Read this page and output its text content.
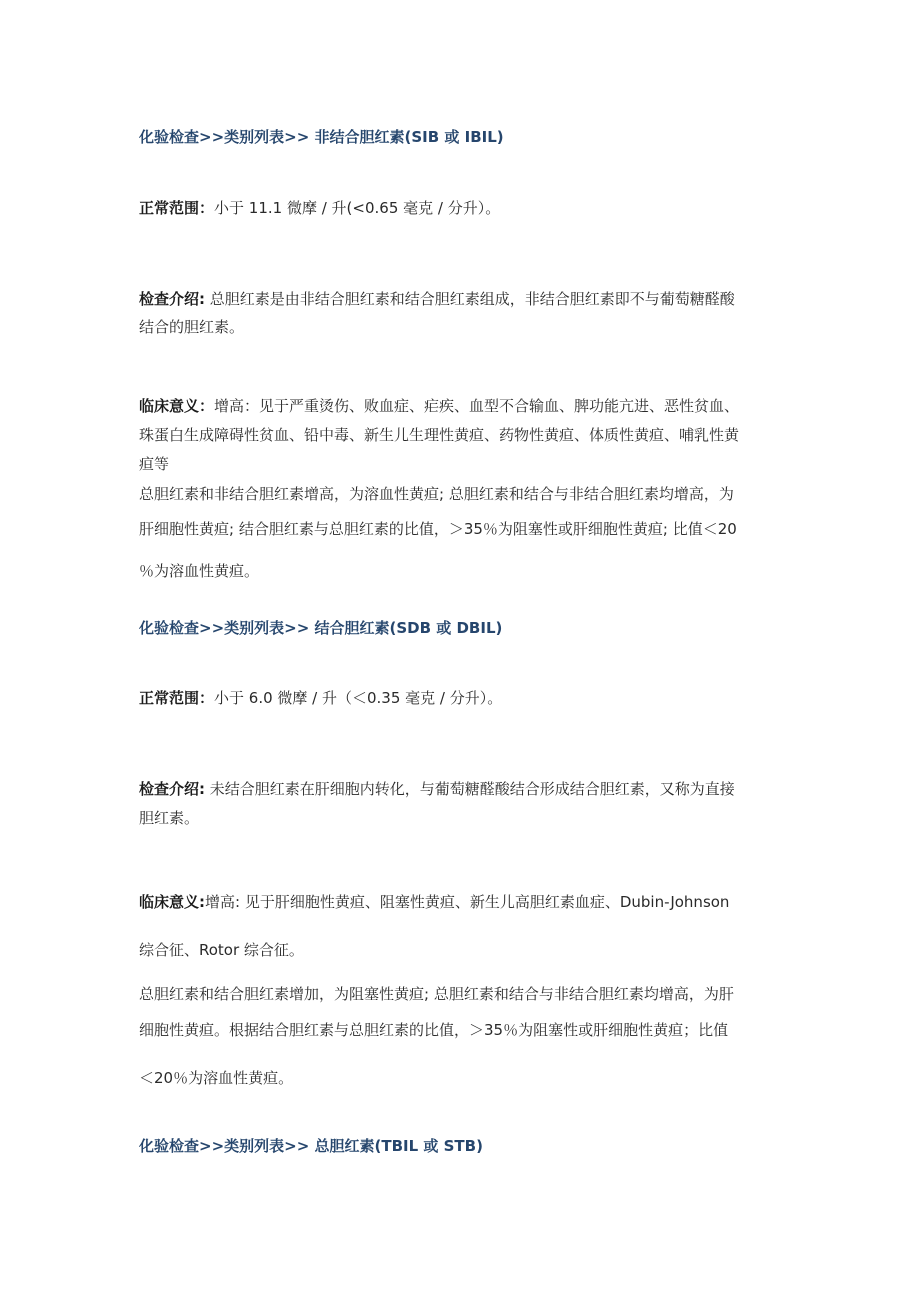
化验检查>>类别列表>> 非结合胆红素(SIB 或 IBIL)
正常范围：小于 11.1 微摩 / 升(<0.65 毫克 / 分升）。
检查介绍: 总胆红素是由非结合胆红素和结合胆红素组成，非结合胆红素即不与葡萄糖醛酸
结合的胆红素。
临床意义：增高：见于严重烫伤、败血症、疟疾、血型不合输血、脾功能亢进、恶性贫血、
珠蛋白生成障碍性贫血、铅中毒、新生儿生理性黄疸、药物性黄疸、体质性黄疸、哺乳性黄
疸等
总胆红素和非结合胆红素增高，为溶血性黄疸; 总胆红素和结合与非结合胆红素均增高，为
肝细胞性黄疸; 结合胆红素与总胆红素的比值，＞35％为阻塞性或肝细胞性黄疸; 比值＜20
％为溶血性黄疸。
化验检查>>类别列表>> 结合胆红素(SDB 或 DBIL)
正常范围：小于 6.0 微摩 / 升（＜0.35 毫克 / 分升）。
检查介绍: 未结合胆红素在肝细胞内转化，与葡萄糖醛酸结合形成结合胆红素，又称为直接
胆红素。
临床意义:增高: 见于肝细胞性黄疸、阻塞性黄疸、新生儿高胆红素血症、Dubin-Johnson
综合征、Rotor 综合征。
总胆红素和结合胆红素增加，为阻塞性黄疸; 总胆红素和结合与非结合胆红素均增高，为肝
细胞性黄疸。根据结合胆红素与总胆红素的比值，＞35％为阻塞性或肝细胞性黄疸；比值
＜20％为溶血性黄疸。
化验检查>>类别列表>> 总胆红素(TBIL 或 STB)
